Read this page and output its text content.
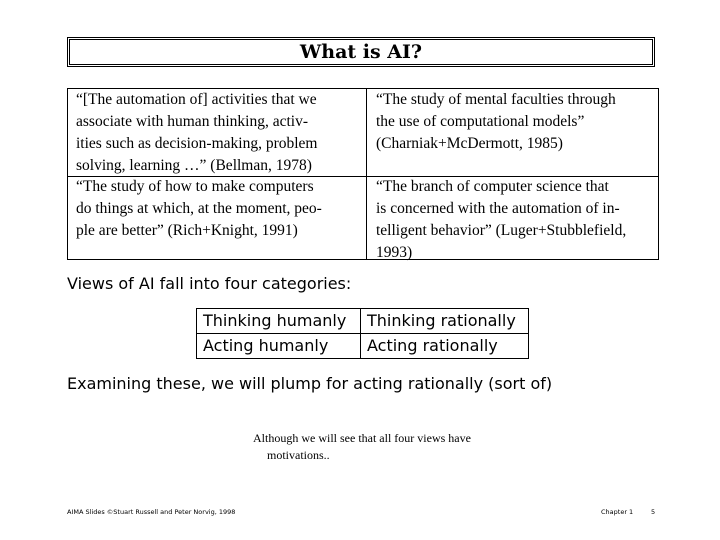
What is AI?
“[The automation of] activities that we
associate with human thinking, activ-
ities such as decision-making, problem
solving, learning …” (Bellman, 1978)
“The study of mental faculties through
the use of computational models”
(Charniak+McDermott, 1985)
“The study of how to make computers
do things at which, at the moment, peo-
ple are better” (Rich+Knight, 1991)
“The branch of computer science that
is concerned with the automation of in-
telligent behavior” (Luger+Stubblefield,
1993)
Views of AI fall into four categories:
Thinking humanly Thinking rationally
Acting humanly Acting rationally
Examining these, we will plump for acting rationally (sort of)
Although we will see that all four views have
motivations..
AIMA Slides ©Stuart Russell and Peter Norvig, 1998	Chapter 1	5
